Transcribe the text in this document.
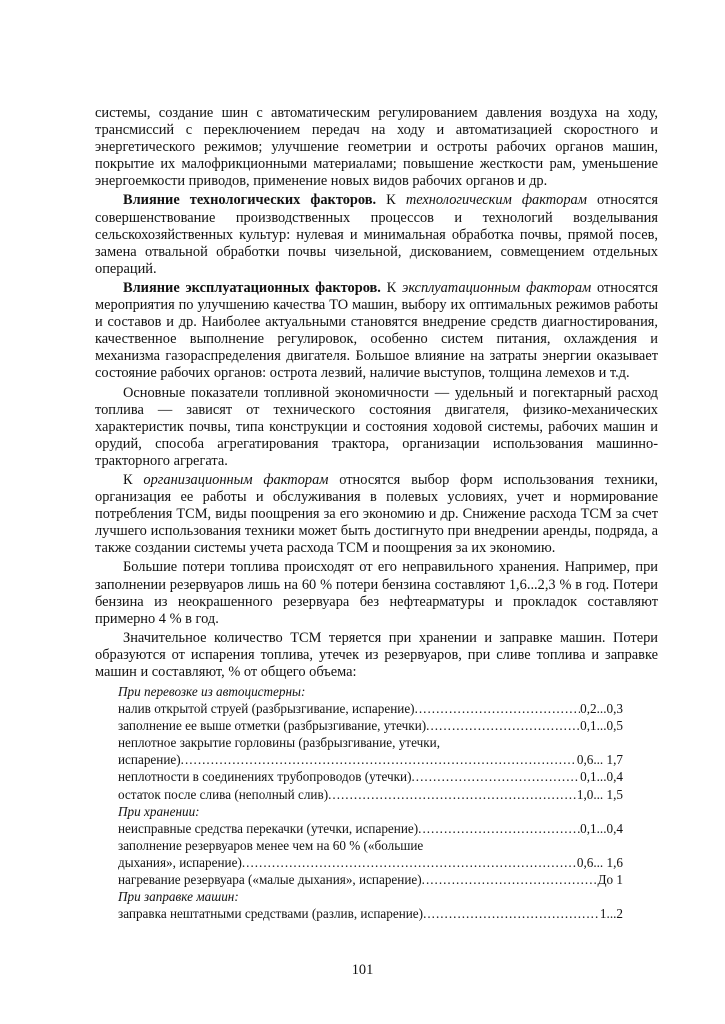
системы, создание шин с автоматическим регулированием давления воздуха на ходу, трансмиссий с переключением передач на ходу и автоматизацией скоростного и энергетического режимов; улучшение геометрии и остроты рабочих органов машин, покрытие их малофрикционными материалами; повышение жесткости рам, уменьшение энергоемкости приводов, применение новых видов рабочих органов и др.

Влияние технологических факторов. К технологическим факторам относятся совершенствование производственных процессов и технологий возделывания сельскохозяйственных культур: нулевая и минимальная обработка почвы, прямой посев, замена отвальной обработки почвы чизельной, дискованием, совмещением отдельных операций.

Влияние эксплуатационных факторов. К эксплуатационным факторам относятся мероприятия по улучшению качества ТО машин, выбору их оптимальных режимов работы и составов и др. Наиболее актуальными становятся внедрение средств диагностирования, качественное выполнение регулировок, особенно систем питания, охлаждения и механизма газораспределения двигателя. Большое влияние на затраты энергии оказывает состояние рабочих органов: острота лезвий, наличие выступов, толщина лемехов и т.д.

Основные показатели топливной экономичности — удельный и погектарный расход топлива — зависят от технического состояния двигателя, физико-механических характеристик почвы, типа конструкции и состояния ходовой системы, рабочих машин и орудий, способа агрегатирования трактора, организации использования машинно-тракторного агрегата.

К организационным факторам относятся выбор форм использования техники, организация ее работы и обслуживания в полевых условиях, учет и нормирование потребления ТСМ, виды поощрения за его экономию и др. Снижение расхода ТСМ за счет лучшего использования техники может быть достигнуто при внедрении аренды, подряда, а также создании системы учета расхода ТСМ и поощрения за их экономию.

Большие потери топлива происходят от его неправильного хранения. Например, при заполнении резервуаров лишь на 60 % потери бензина составляют 1,6...2,3 % в год. Потери бензина из неокрашенного резервуара без нефтеарматуры и прокладок составляют примерно 4 % в год.

Значительное количество ТСМ теряется при хранении и заправке машин. Потери образуются от испарения топлива, утечек из резервуаров, при сливе топлива и заправке машин и составляют, % от общего объема:

При перевозке из автоцистерны:
налив открытой струей (разбрызгивание, испарение) .....	0,2...0,3
заполнение ее выше отметки (разбрызгивание, утечки) .....	0,1...0,5
неплотное закрытие горловины (разбрызгивание, утечки,
испарение) .....	0,6... 1,7
неплотности в соединениях трубопроводов (утечки) .....	0,1...0,4
остаток после слива (неполный слив) .....	1,0... 1,5
При хранении:
неисправные средства перекачки (утечки, испарение) .....	0,1...0,4
заполнение резервуаров менее чем на 60 % («большие
дыхания», испарение) .....	0,6... 1,6
нагревание резервуара («малые дыхания», испарение) .....	До 1
При заправке машин:
заправка нештатными средствами (разлив, испарение) .....	1...2
101
